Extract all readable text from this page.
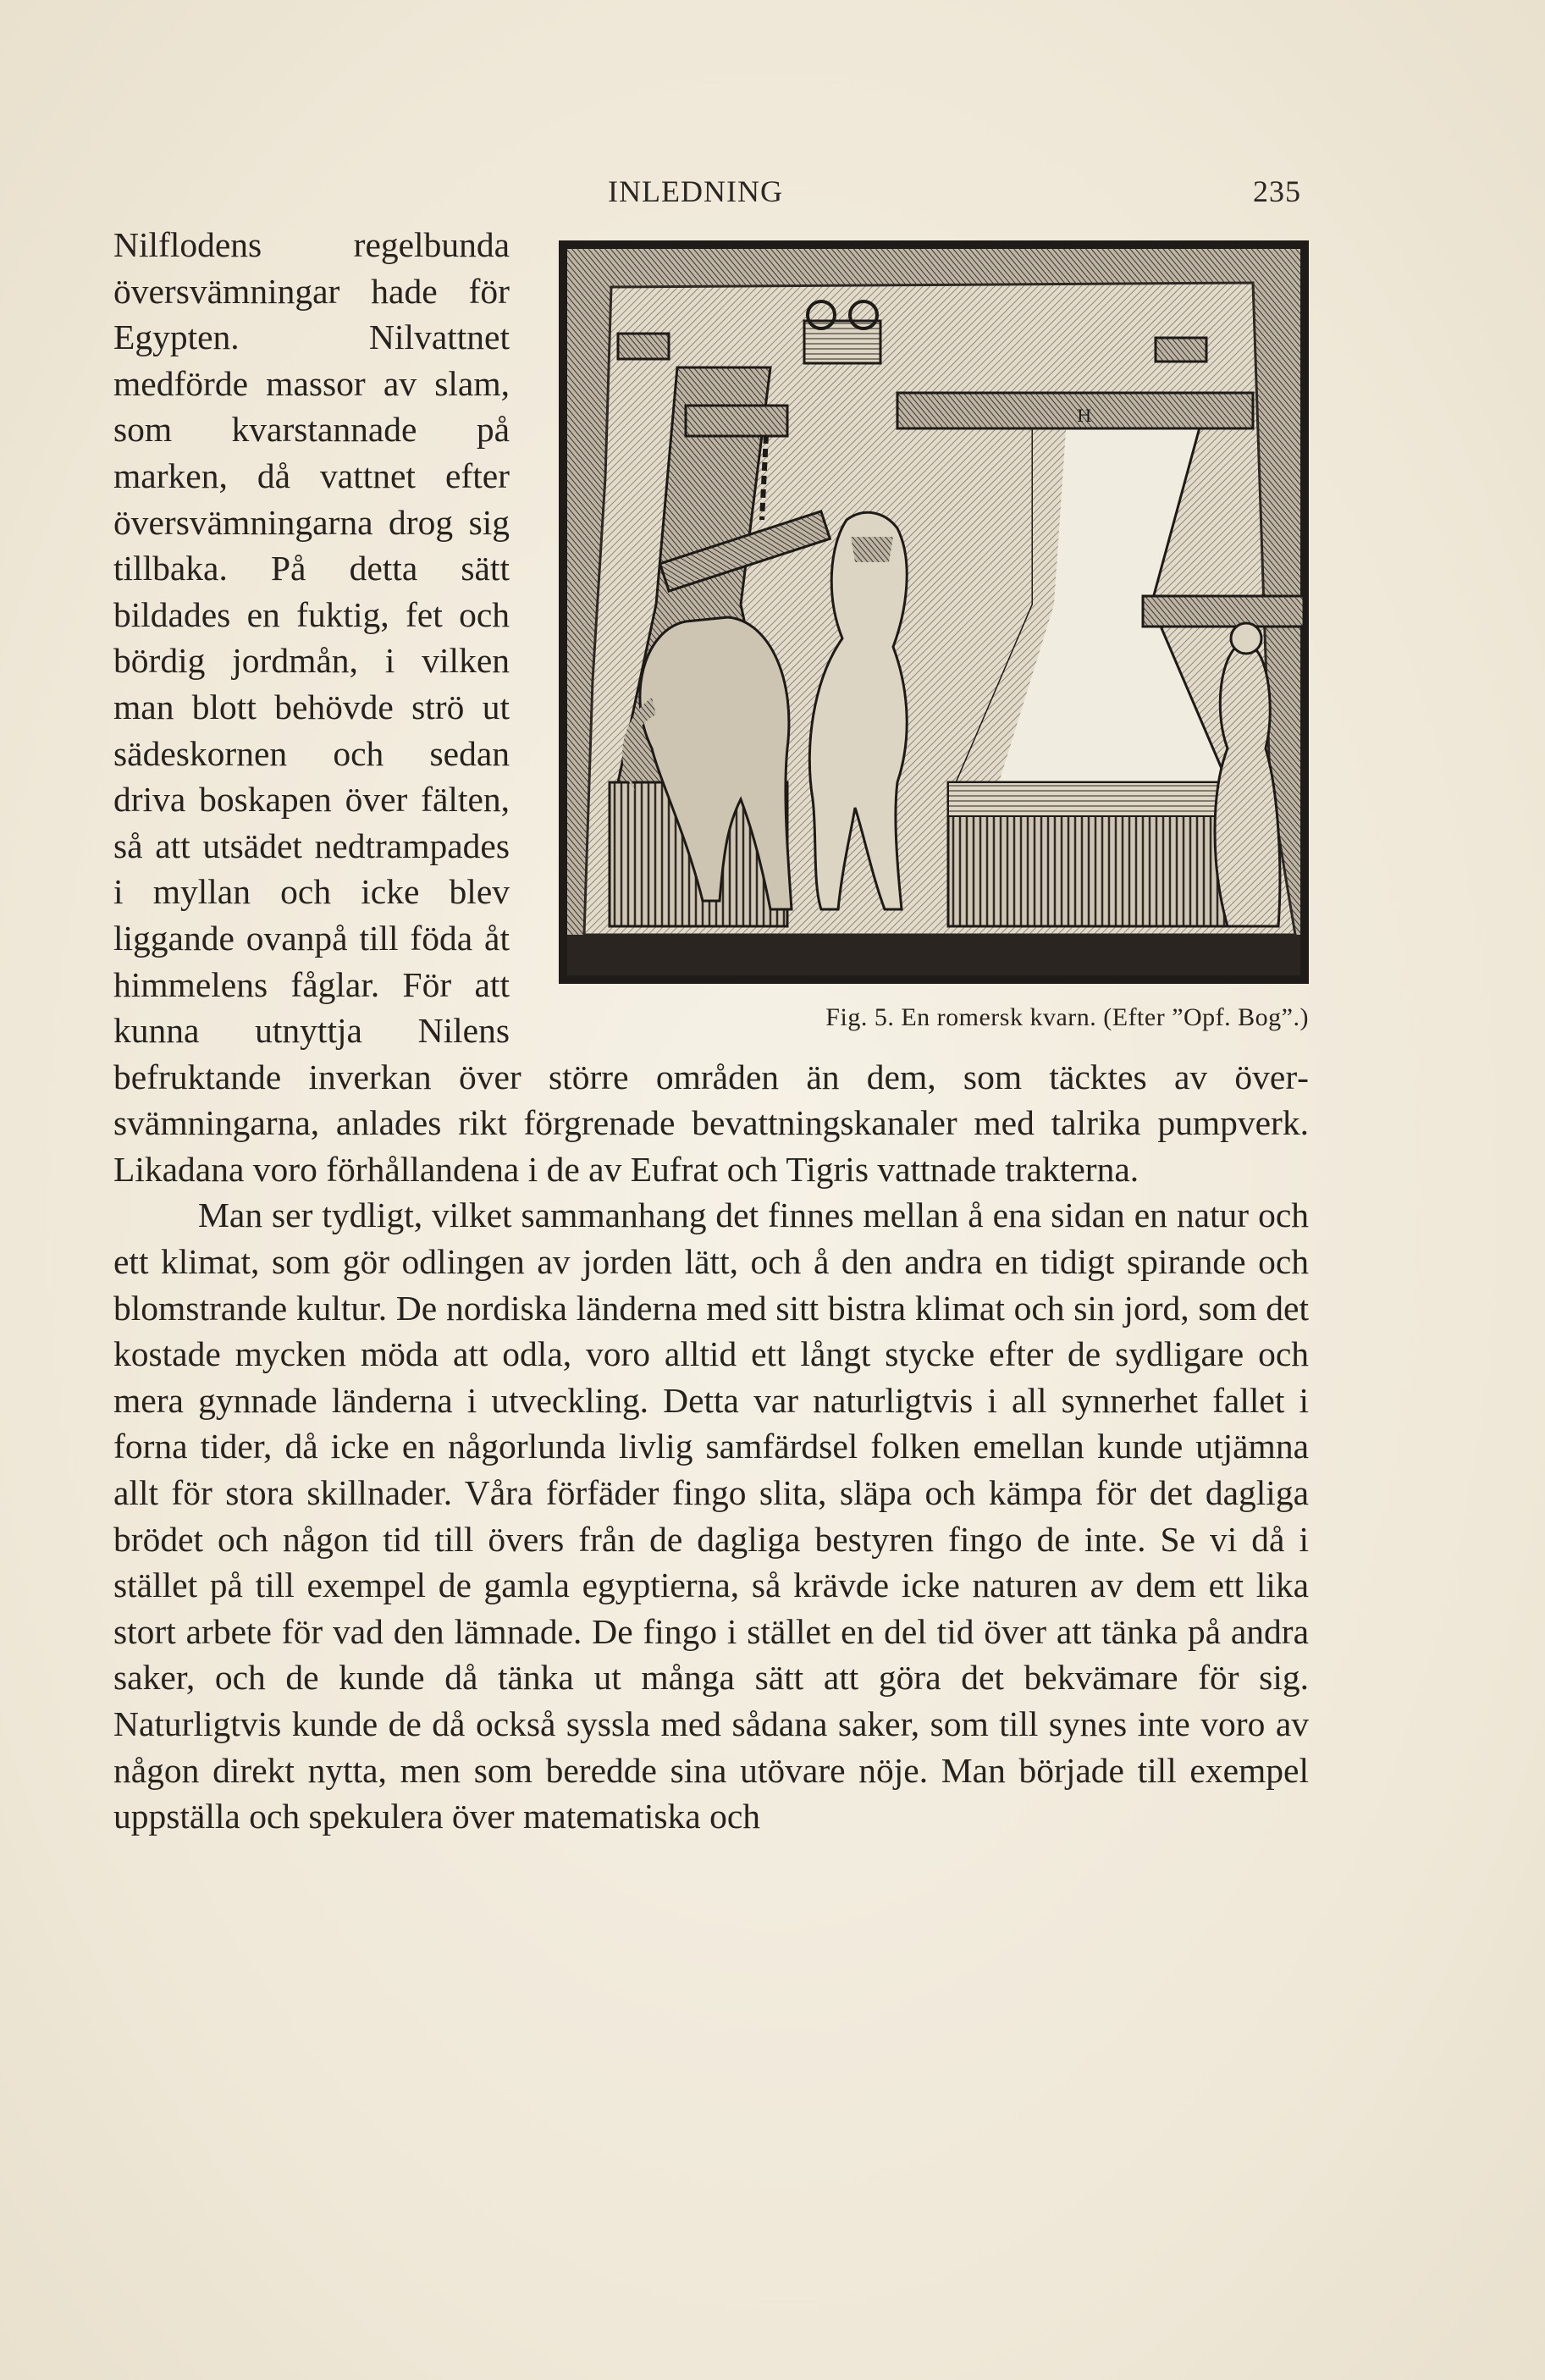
INLEDNING	235
H
Fig. 5. En romersk kvarn. (Efter ”Opf. Bog”.)

Nilflodens regelbunda översvämningar hade för Egypten. Nilvattnet medförde massor av slam, som kvarstannade på marken, då vattnet efter översvämningarna drog sig tillbaka. På detta sätt bildades en fuktig, fet och bördig jordmån, i vilken man blott behövde strö ut sädeskornen och sedan driva boskapen över fälten, så att utsädet nedtrampades i myllan och icke blev liggande ovanpå till föda åt himmelens fåglar. För att kunna utnyttja Nilens befruktande inverkan över större områden än dem, som täcktes av översvämningarna, anlades rikt förgrenade bevattningskanaler med talrika pumpverk. Likadana voro förhållandena i de av Eufrat och Tigris vattnade trakterna.

Man ser tydligt, vilket sammanhang det finnes mellan å ena sidan en natur och ett klimat, som gör odlingen av jorden lätt, och å den andra en tidigt spirande och blomstrande kultur. De nordiska länderna med sitt bistra klimat och sin jord, som det kostade mycken möda att odla, voro alltid ett långt stycke efter de sydligare och mera gynnade länderna i utveckling. Detta var naturligtvis i all synnerhet fallet i forna tider, då icke en någorlunda livlig samfärdsel folken emellan kunde utjämna allt för stora skillnader. Våra förfäder fingo slita, släpa och kämpa för det dagliga brödet och någon tid till övers från de dagliga bestyren fingo de inte. Se vi då i stället på till exempel de gamla egyptierna, så krävde icke naturen av dem ett lika stort arbete för vad den lämnade. De fingo i stället en del tid över att tänka på andra saker, och de kunde då tänka ut många sätt att göra det bekvämare för sig. Naturligtvis kunde de då också syssla med sådana saker, som till synes inte voro av någon direkt nytta, men som beredde sina utövare nöje. Man började till exempel uppställa och spekulera över matematiska och
